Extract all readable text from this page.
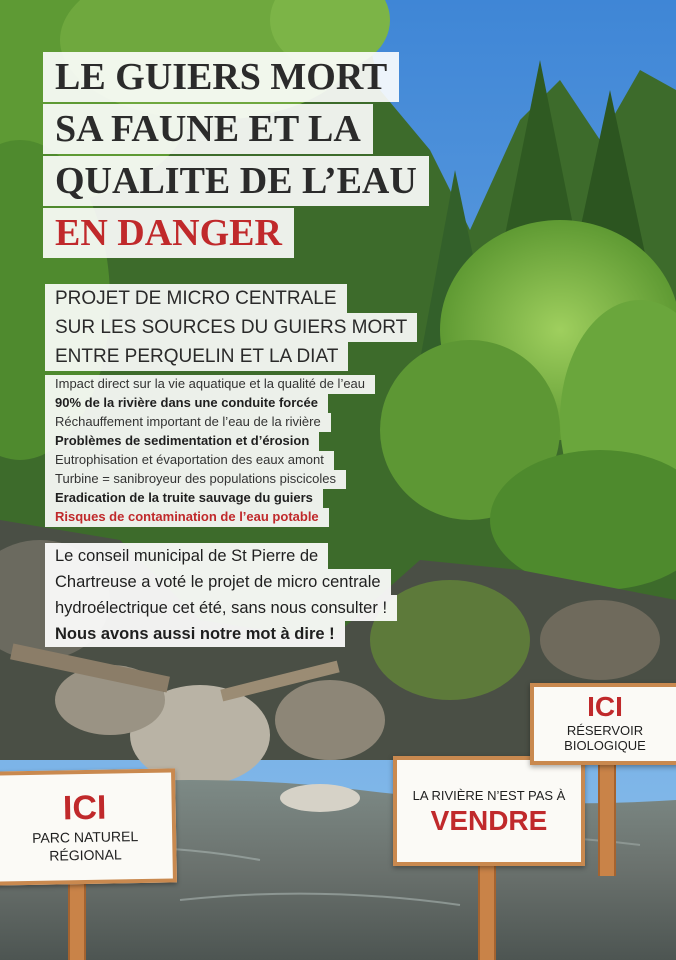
LE GUIERS MORT
SA FAUNE ET LA
QUALITE DE L’EAU
EN DANGER
PROJET DE MICRO CENTRALE
SUR LES SOURCES DU GUIERS MORT
ENTRE PERQUELIN ET LA DIAT
Impact direct sur la vie aquatique et la qualité de l’eau
90% de la rivière dans une conduite forcée
Réchauffement important de l’eau de la rivière
Problèmes de sedimentation et d’érosion
Eutrophisation et évaportation des eaux amont
Turbine = sanibroyeur des populations piscicoles
Eradication de la truite sauvage du guiers
Risques de contamination de l’eau potable
Le conseil municipal de St Pierre de
Chartreuse a voté le projet de micro centrale
hydroélectrique cet été, sans nous consulter !
Nous avons aussi notre mot à dire !
ICI
PARC NATUREL
RÉGIONAL
LA RIVIÈRE N’EST PAS À
VENDRE
ICI
RÉSERVOIR
BIOLOGIQUE
